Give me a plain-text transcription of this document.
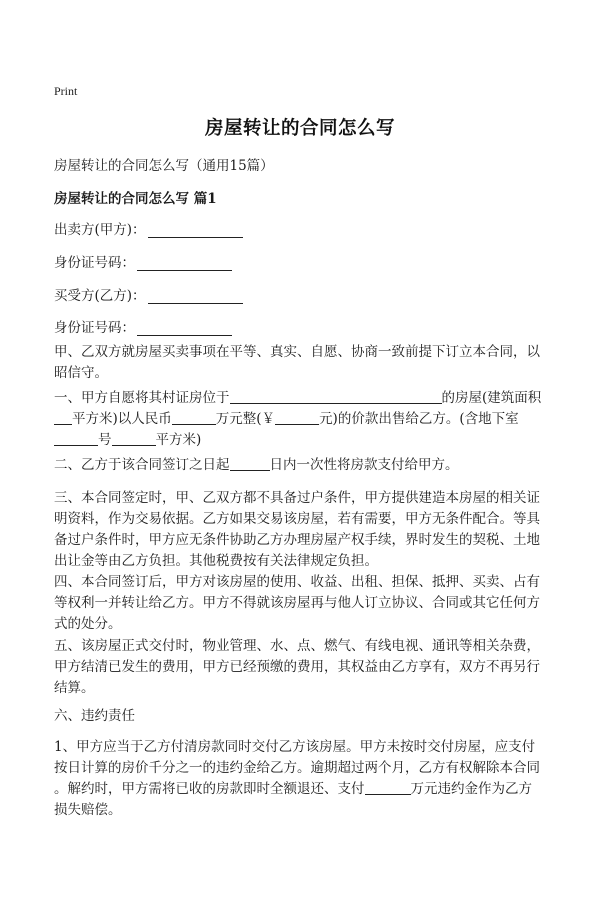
Print
房屋转让的合同怎么写
房屋转让的合同怎么写（通用15篇）
房屋转让的合同怎么写 篇1
出卖方(甲方)：
身份证号码：
买受方(乙方)：
身份证号码：
甲、乙双方就房屋买卖事项在平等、真实、自愿、协商一致前提下订立本合同，以
昭信守。
一、甲方自愿将其村证房位于	的房屋(建筑面积
平方米)以人民币	万元整(￥	元)的价款出售给乙方。(含地下室
号	平方米)
二、乙方于该合同签订之日起	日内一次性将房款支付给甲方。
三、本合同签定时，甲、乙双方都不具备过户条件，甲方提供建造本房屋的相关证
明资料，作为交易依据。乙方如果交易该房屋，若有需要，甲方无条件配合。等具
备过户条件时，甲方应无条件协助乙方办理房屋产权手续，界时发生的契税、土地
出让金等由乙方负担。其他税费按有关法律规定负担。
四、本合同签订后，甲方对该房屋的使用、收益、出租、担保、抵押、买卖、占有
等权利一并转让给乙方。甲方不得就该房屋再与他人订立协议、合同或其它任何方
式的处分。
五、该房屋正式交付时，物业管理、水、点、燃气、有线电视、通讯等相关杂费，
甲方结清已发生的费用，甲方已经预缴的费用，其权益由乙方享有，双方不再另行
结算。
六、违约责任
1、甲方应当于乙方付清房款同时交付乙方该房屋。甲方未按时交付房屋，应支付
按日计算的房价千分之一的违约金给乙方。逾期超过两个月，乙方有权解除本合同
。解约时，甲方需将已收的房款即时全额退还、支付	万元违约金作为乙方
损失赔偿。
